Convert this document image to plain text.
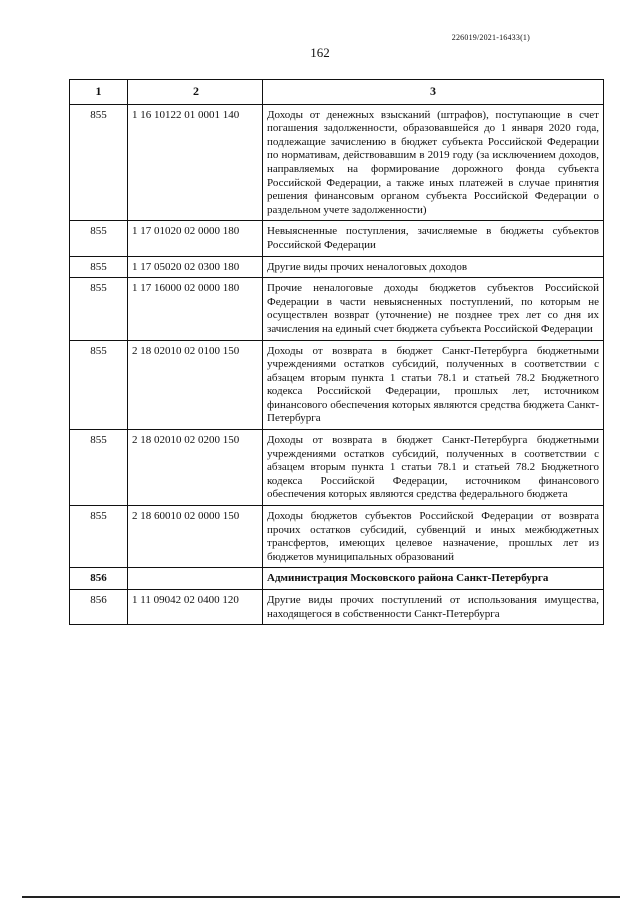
226019/2021-16433(1)
162
1	2	3
855	1 16 10122 01 0001 140	Доходы от денежных взысканий (штрафов), поступающие в счет погашения задолженности, образовавшейся до 1 января 2020 года, подлежащие зачислению в бюджет субъекта Российской Федерации по нормативам, действовавшим в 2019 году (за исключением доходов, направляемых на формирование дорожного фонда субъекта Российской Федерации, а также иных платежей в случае принятия решения финансовым органом субъекта Российской Федерации о раздельном учете задолженности)
855	1 17 01020 02 0000 180	Невыясненные поступления, зачисляемые в бюджеты субъектов Российской Федерации
855	1 17 05020 02 0300 180	Другие виды прочих неналоговых доходов
855	1 17 16000 02 0000 180	Прочие неналоговые доходы бюджетов субъектов Российской Федерации в части невыясненных поступлений, по которым не осуществлен возврат (уточнение) не позднее трех лет со дня их зачисления на единый счет бюджета субъекта Российской Федерации
855	2 18 02010 02 0100 150	Доходы от возврата в бюджет Санкт-Петербурга бюджетными учреждениями остатков субсидий, полученных в соответствии с абзацем вторым пункта 1 статьи 78.1 и статьей 78.2 Бюджетного кодекса Российской Федерации, прошлых лет, источником финансового обеспечения которых являются средства бюджета Санкт-Петербурга
855	2 18 02010 02 0200 150	Доходы от возврата в бюджет Санкт-Петербурга бюджетными учреждениями остатков субсидий, полученных в соответствии с абзацем вторым пункта 1 статьи 78.1 и статьей 78.2 Бюджетного кодекса Российской Федерации, источником финансового обеспечения которых являются средства федерального бюджета
855	2 18 60010 02 0000 150	Доходы бюджетов субъектов Российской Федерации от возврата прочих остатков субсидий, субвенций и иных межбюджетных трансфертов, имеющих целевое назначение, прошлых лет из бюджетов муниципальных образований
856		Администрация Московского района Санкт-Петербурга
856	1 11 09042 02 0400 120	Другие виды прочих поступлений от использования имущества, находящегося в собственности Санкт-Петербурга
